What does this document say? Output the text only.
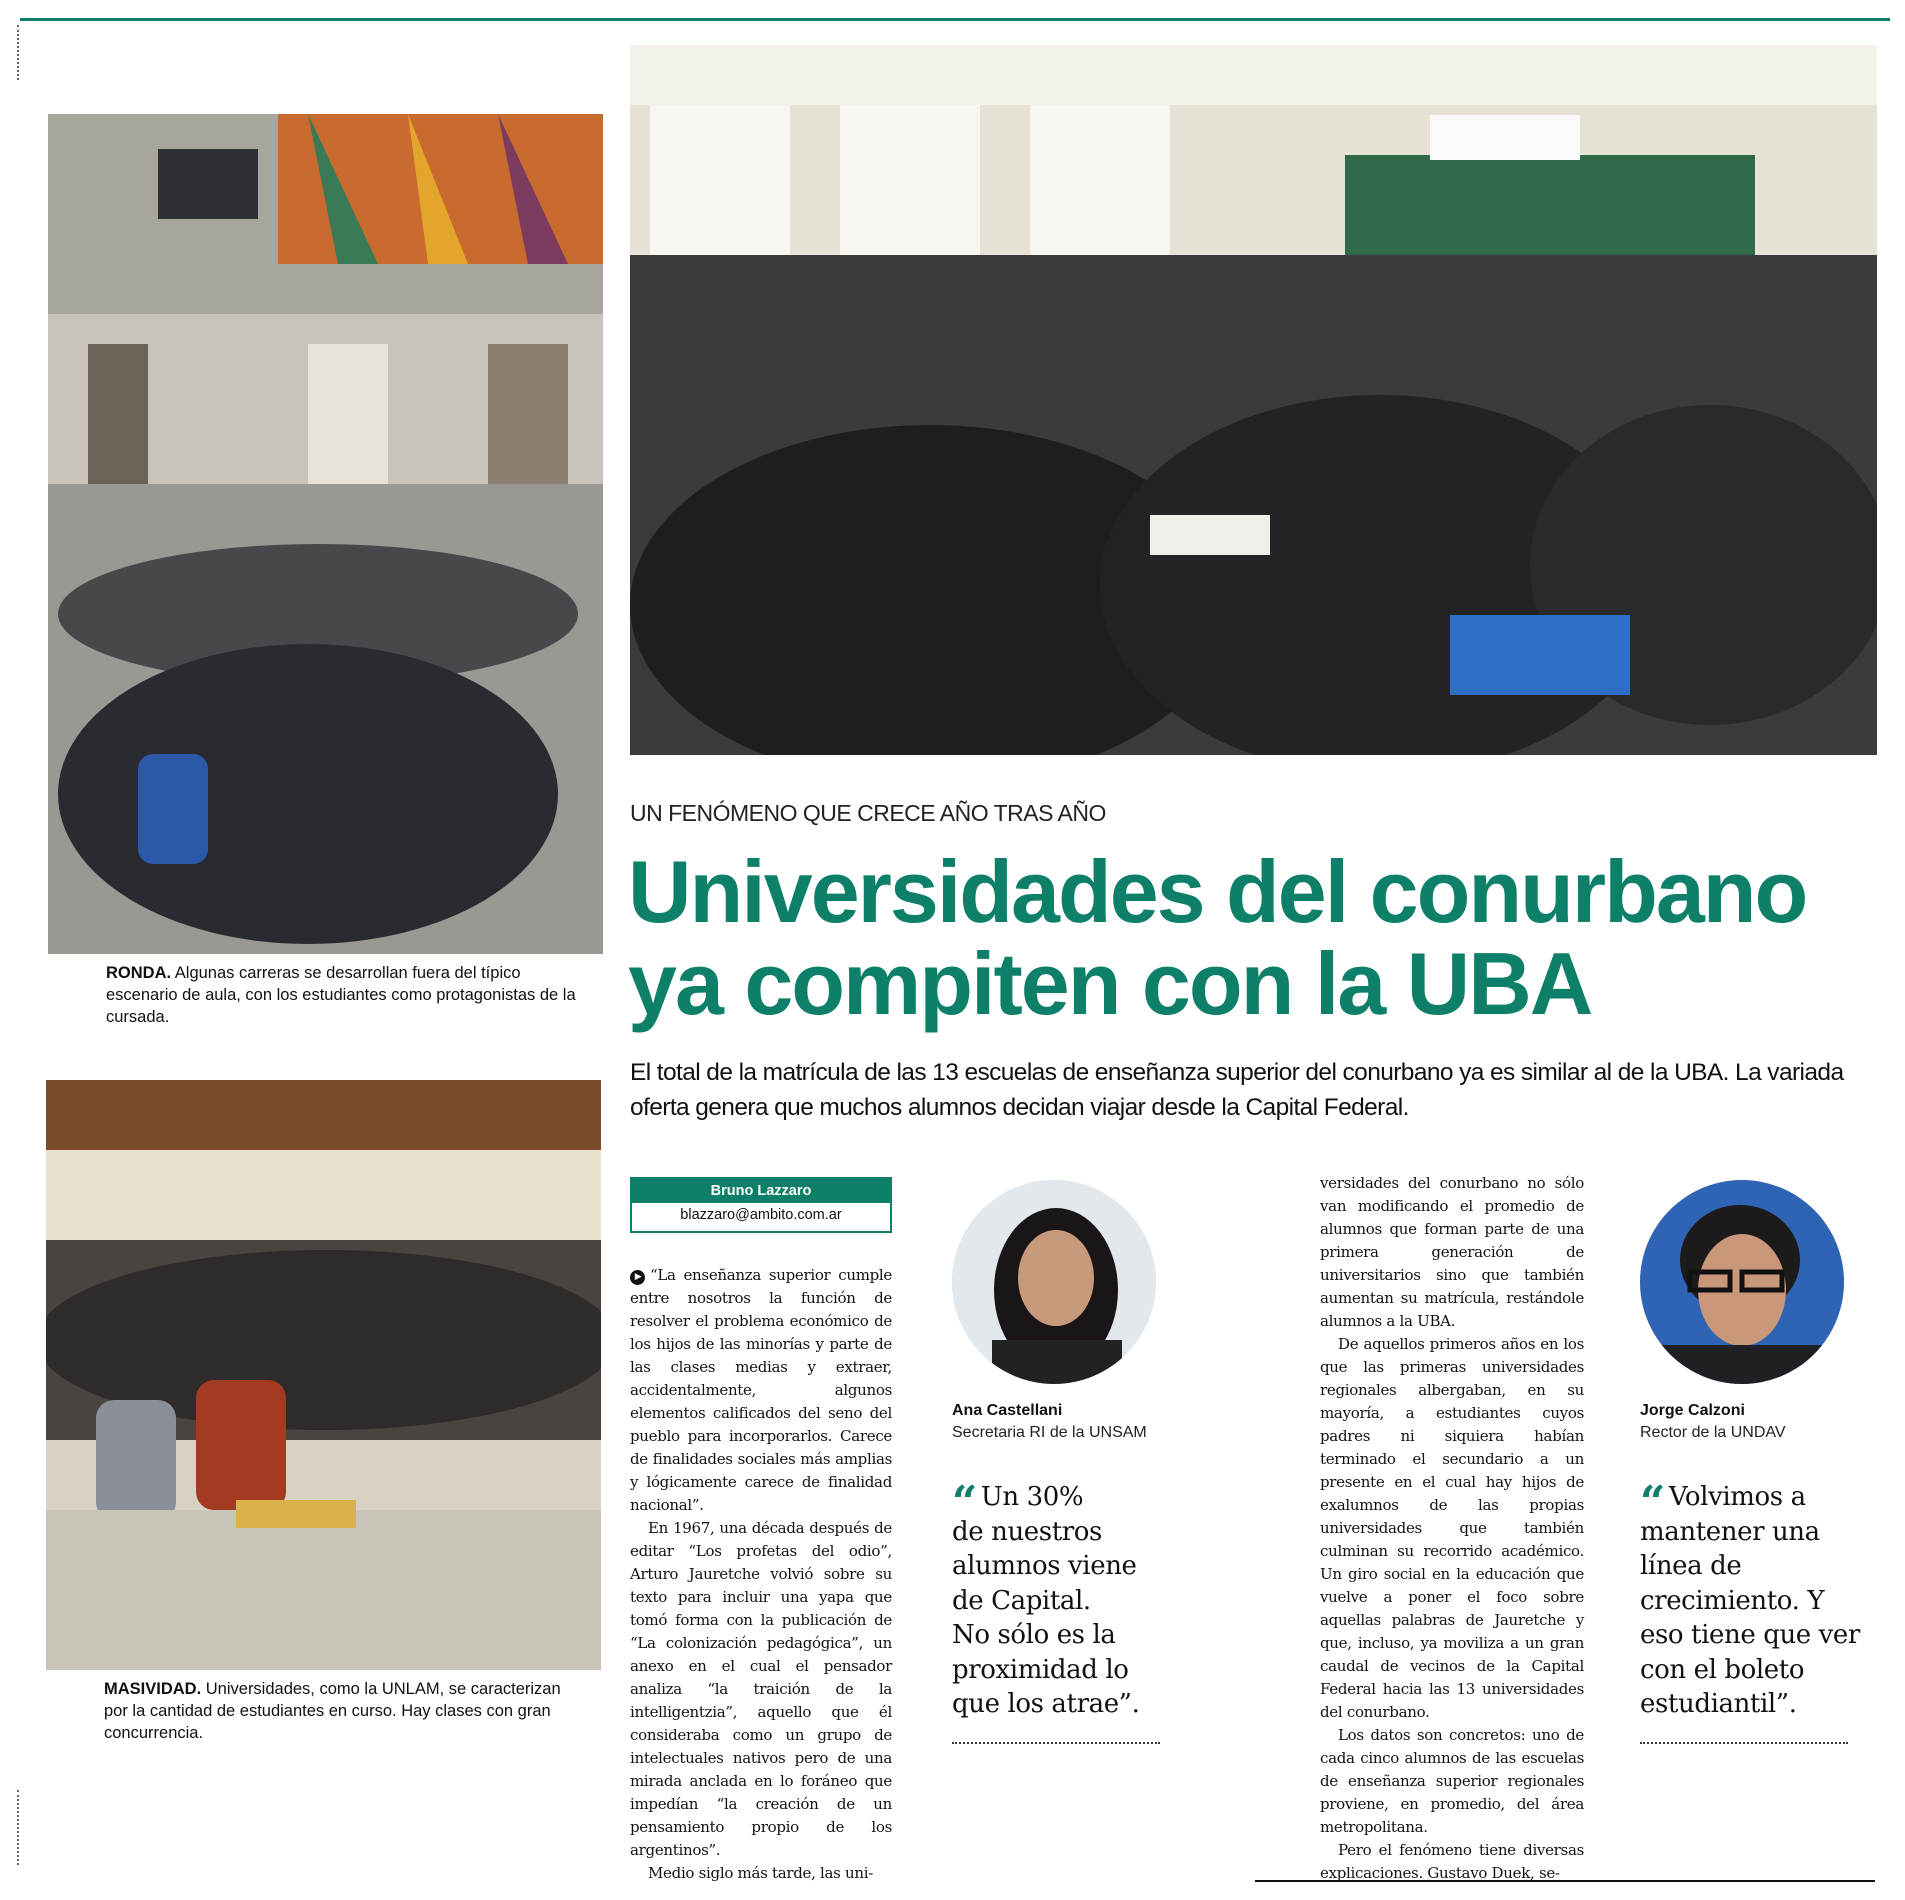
RONDA. Algunas carreras se desarrollan fuera del típico escenario de aula, con los estudiantes como protagonistas de la cursada.
MASIVIDAD. Universidades, como la UNLAM, se caracterizan por la cantidad de estudiantes en curso. Hay clases con gran concurrencia.
UN FENÓMENO QUE CRECE AÑO TRAS AÑO
Universidades del conurbano
ya compiten con la UBA
El total de la matrícula de las 13 escuelas de enseñanza superior del conurbano ya es similar al de la UBA. La variada
oferta genera que muchos alumnos decidan viajar desde la Capital Federal.
Bruno Lazzaro
blazzaro@ambito.com.ar

▶ “La enseñanza superior cumple entre nosotros la función de resolver el problema económico de los hijos de las minorías y parte de las clases medias y extraer, accidentalmente, algunos elementos calificados del seno del pueblo para incorporarlos. Carece de finalidades sociales más amplias y lógicamente carece de finalidad nacional”.

En 1967, una década después de editar “Los profetas del odio”, Arturo Jauretche volvió sobre su texto para incluir una yapa que tomó forma con la publicación de “La colonización pedagógica”, un anexo en el cual el pensador analiza “la traición de la intelligentzia”, aquello que él consideraba como un grupo de intelectuales nativos pero de una mirada anclada en lo foráneo que impedían “la creación de un pensamiento propio de los argentinos”.

Medio siglo más tarde, las uni-

Ana Castellani
Secretaria RI de la UNSAM
“ Un 30%
de nuestros
alumnos viene
de Capital.
No sólo es la
proximidad lo
que los atrae”.

versidades del conurbano no sólo van modificando el promedio de alumnos que forman parte de una primera generación de universitarios sino que también aumentan su matrícula, restándole alumnos a la UBA.

De aquellos primeros años en los que las primeras universidades regionales albergaban, en su mayoría, a estudiantes cuyos padres ni siquiera habían terminado el secundario a un presente en el cual hay hijos de exalumnos de las propias universidades que también culminan su recorrido académico. Un giro social en la educación que vuelve a poner el foco sobre aquellas palabras de Jauretche y que, incluso, ya moviliza a un gran caudal de vecinos de la Capital Federal hacia las 13 universidades del conurbano.

Los datos son concretos: uno de cada cinco alumnos de las escuelas de enseñanza superior regionales proviene, en promedio, del área metropolitana.

Pero el fenómeno tiene diversas explicaciones. Gustavo Duek, se-

Jorge Calzoni
Rector de la UNDAV
“ Volvimos a
mantener una
línea de
crecimiento. Y
eso tiene que ver
con el boleto
estudiantil”.
